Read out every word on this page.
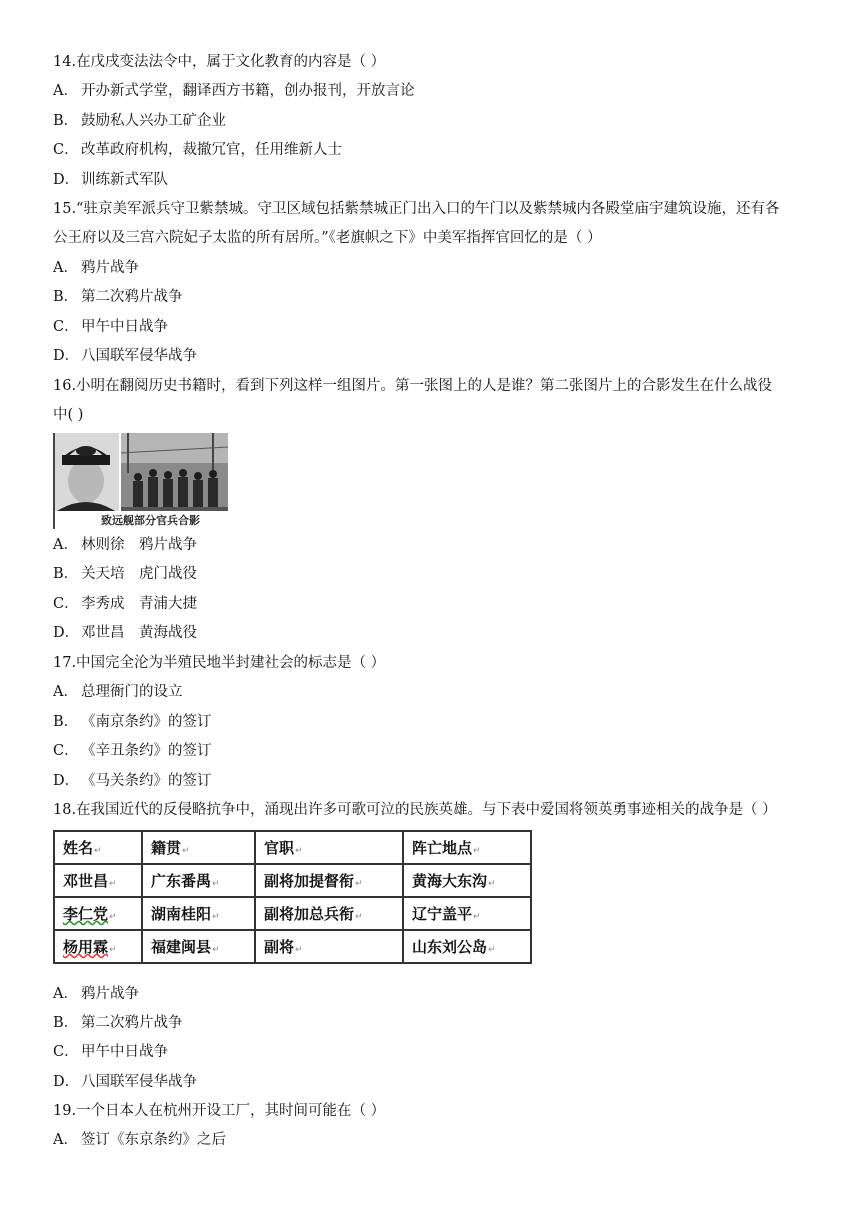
14.在戊戌变法法令中，属于文化教育的内容是（ ）
A． 开办新式学堂，翻译西方书籍，创办报刊，开放言论
B． 鼓励私人兴办工矿企业
C． 改革政府机构，裁撤冗官，任用维新人士
D． 训练新式军队
15.“驻京美军派兵守卫紫禁城。守卫区域包括紫禁城正门出入口的午门以及紫禁城内各殿堂庙宇建筑设施，还有各
公王府以及三宫六院妃子太监的所有居所。”《老旗帜之下》中美军指挥官回忆的是（ ）
A． 鸦片战争
B． 第二次鸦片战争
C． 甲午中日战争
D． 八国联军侵华战争
16.小明在翻阅历史书籍时，看到下列这样一组图片。第一张图上的人是谁？第二张图片上的合影发生在什么战役
中( )
致远舰部分官兵合影
A． 林则徐　鸦片战争
B． 关天培　虎门战役
C． 李秀成　青浦大捷
D． 邓世昌　黄海战役
17.中国完全沦为半殖民地半封建社会的标志是（ ）
A． 总理衙门的设立
B． 《南京条约》的签订
C． 《辛丑条约》的签订
D． 《马关条约》的签订
18.在我国近代的反侵略抗争中，涌现出许多可歌可泣的民族英雄。与下表中爱国将领英勇事迹相关的战争是（ ）
姓名↵	籍贯↵	官职↵	阵亡地点↵
邓世昌↵	广东番禺↵	副将加提督衔↵	黄海大东沟↵
李仁党↵	湖南桂阳↵	副将加总兵衔↵	辽宁盖平↵
杨用霖↵	福建闽县↵	副将↵	山东刘公岛↵
A． 鸦片战争
B． 第二次鸦片战争
C． 甲午中日战争
D． 八国联军侵华战争
19.一个日本人在杭州开设工厂，其时间可能在（ ）
A． 签订《东京条约》之后
